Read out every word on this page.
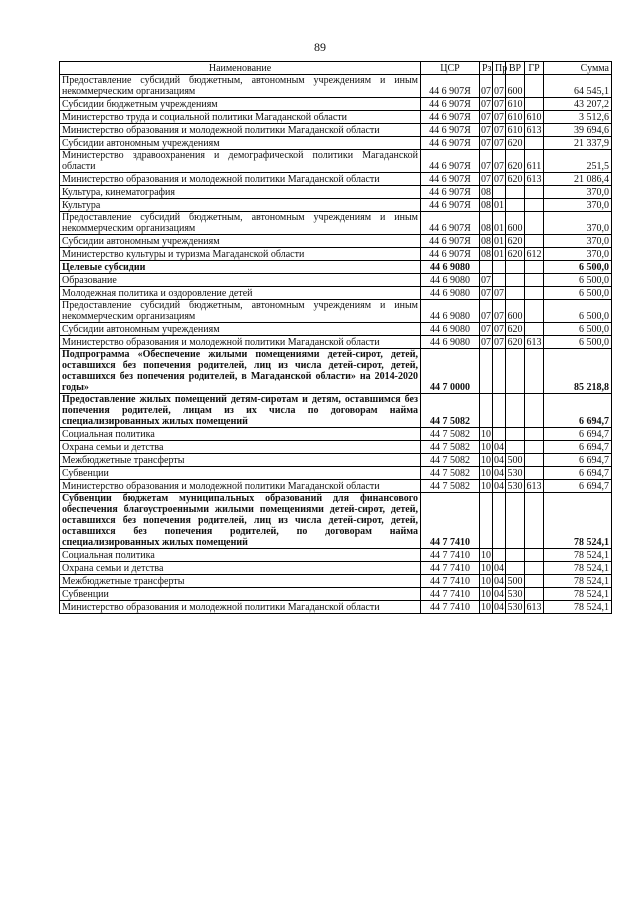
89
Наименование	ЦСР	Рз	Пр	ВР	ГР	Сумма
Предоставление субсидий бюджетным, автономным учреждениям и иным некоммерческим организациям	44 6 907Я	07	07	600		64 545,1
Субсидии бюджетным учреждениям	44 6 907Я	07	07	610		43 207,2
Министерство труда и социальной политики Магаданской области	44 6 907Я	07	07	610	610	3 512,6
Министерство образования и молодежной политики Магаданской области	44 6 907Я	07	07	610	613	39 694,6
Субсидии автономным учреждениям	44 6 907Я	07	07	620		21 337,9
Министерство здравоохранения и демографической политики Магаданской области	44 6 907Я	07	07	620	611	251,5
Министерство образования и молодежной политики Магаданской области	44 6 907Я	07	07	620	613	21 086,4
Культура, кинематография	44 6 907Я	08				370,0
Культура	44 6 907Я	08	01			370,0
Предоставление субсидий бюджетным, автономным учреждениям и иным некоммерческим организациям	44 6 907Я	08	01	600		370,0
Субсидии автономным учреждениям	44 6 907Я	08	01	620		370,0
Министерство культуры и туризма Магаданской области	44 6 907Я	08	01	620	612	370,0
Целевые субсидии	44 6 9080					6 500,0
Образование	44 6 9080	07				6 500,0
Молодежная политика и оздоровление детей	44 6 9080	07	07			6 500,0
Предоставление субсидий бюджетным, автономным учреждениям и иным некоммерческим организациям	44 6 9080	07	07	600		6 500,0
Субсидии автономным учреждениям	44 6 9080	07	07	620		6 500,0
Министерство образования и молодежной политики Магаданской области	44 6 9080	07	07	620	613	6 500,0
Подпрограмма «Обеспечение жилыми помещениями детей-сирот, детей, оставшихся без попечения родителей, лиц из числа детей-сирот, детей, оставшихся без попечения родителей, в Магаданской области» на 2014-2020 годы»	44 7 0000					85 218,8
Предоставление жилых помещений детям-сиротам и детям, оставшимся без попечения родителей, лицам из их числа по договорам найма специализированных жилых помещений	44 7 5082					6 694,7
Социальная политика	44 7 5082	10				6 694,7
Охрана семьи и детства	44 7 5082	10	04			6 694,7
Межбюджетные трансферты	44 7 5082	10	04	500		6 694,7
Субвенции	44 7 5082	10	04	530		6 694,7
Министерство образования и молодежной политики Магаданской области	44 7 5082	10	04	530	613	6 694,7
Субвенции бюджетам муниципальных образований для финансового обеспечения благоустроенными жилыми помещениями детей-сирот, детей, оставшихся без попечения родителей, лиц из числа детей-сирот, детей, оставшихся без попечения родителей, по договорам найма специализированных жилых помещений	44 7 7410					78 524,1
Социальная политика	44 7 7410	10				78 524,1
Охрана семьи и детства	44 7 7410	10	04			78 524,1
Межбюджетные трансферты	44 7 7410	10	04	500		78 524,1
Субвенции	44 7 7410	10	04	530		78 524,1
Министерство образования и молодежной политики Магаданской области	44 7 7410	10	04	530	613	78 524,1
